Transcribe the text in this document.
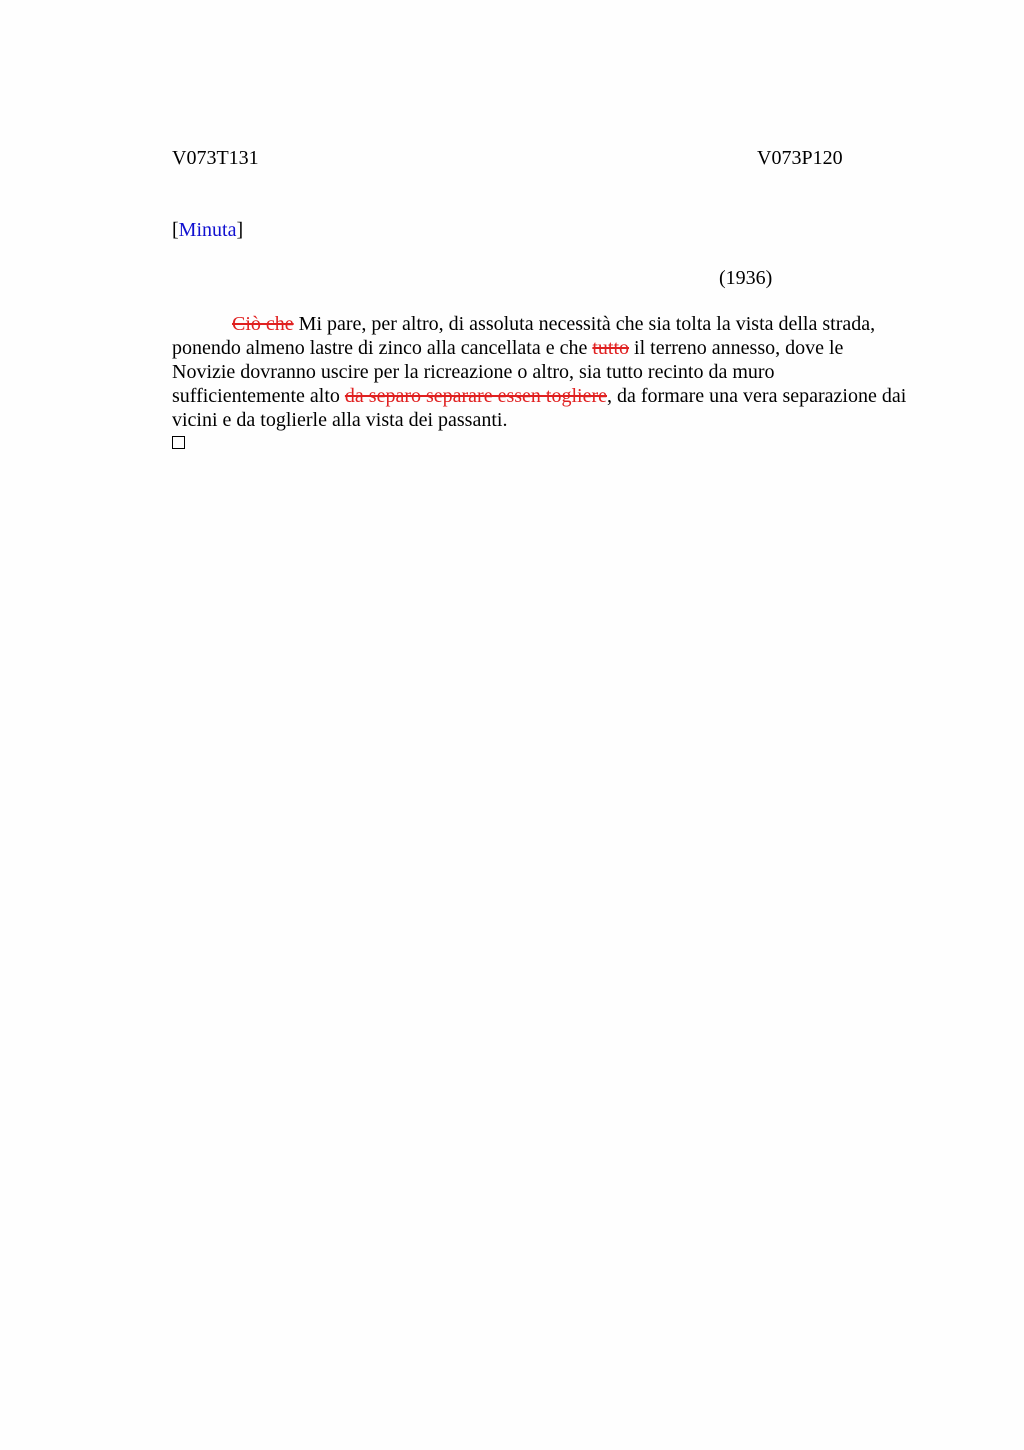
V073T131	V073P120
[Minuta]
(1936)

Ciò che Mi pare, per altro, di assoluta necessità che sia tolta la vista della strada, ponendo almeno lastre di zinco alla cancellata e che tutto il terreno annesso, dove le Novizie dovranno uscire per la ricreazione o altro, sia tutto recinto da muro sufficientemente alto da separo separare essen togliere, da formare una vera separazione dai vicini e da toglierle alla vista dei passanti.
